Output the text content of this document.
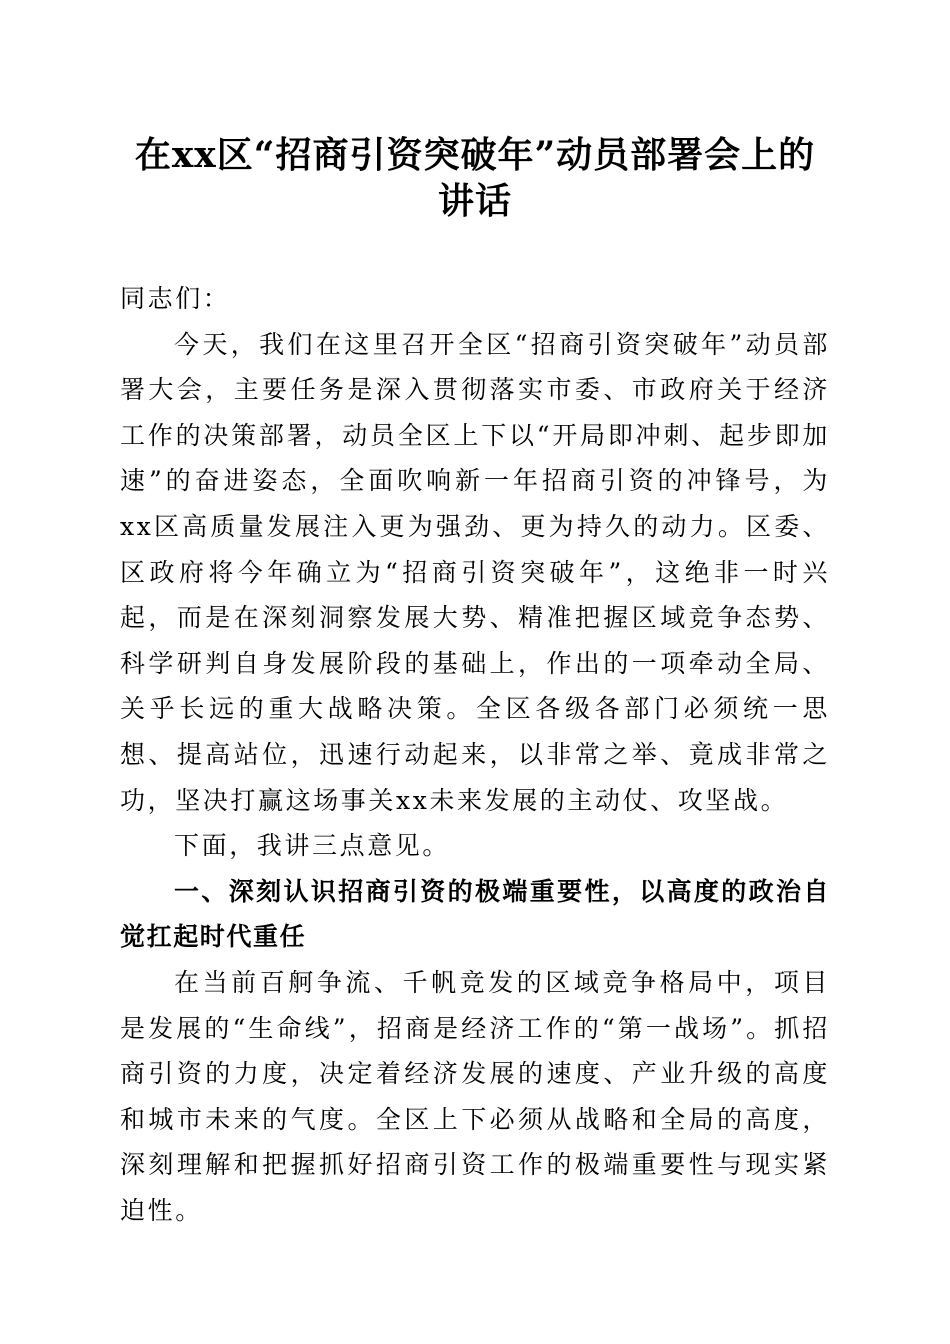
在xx区“招商引资突破年”动员部署会上的
讲话

同志们：

今天，我们在这里召开全区“招商引资突破年”动员部署大会，主要任务是深入贯彻落实市委、市政府关于经济工作的决策部署，动员全区上下以“开局即冲刺、起步即加速”的奋进姿态，全面吹响新一年招商引资的冲锋号，为xx区高质量发展注入更为强劲、更为持久的动力。区委、区政府将今年确立为“招商引资突破年”，这绝非一时兴起，而是在深刻洞察发展大势、精准把握区域竞争态势、科学研判自身发展阶段的基础上，作出的一项牵动全局、关乎长远的重大战略决策。全区各级各部门必须统一思想、提高站位，迅速行动起来，以非常之举、竟成非常之功，坚决打赢这场事关xx未来发展的主动仗、攻坚战。

下面，我讲三点意见。

一、深刻认识招商引资的极端重要性，以高度的政治自觉扛起时代重任

在当前百舸争流、千帆竞发的区域竞争格局中，项目是发展的“生命线”，招商是经济工作的“第一战场”。抓招商引资的力度，决定着经济发展的速度、产业升级的高度和城市未来的气度。全区上下必须从战略和全局的高度，深刻理解和把握抓好招商引资工作的极端重要性与现实紧迫性。
